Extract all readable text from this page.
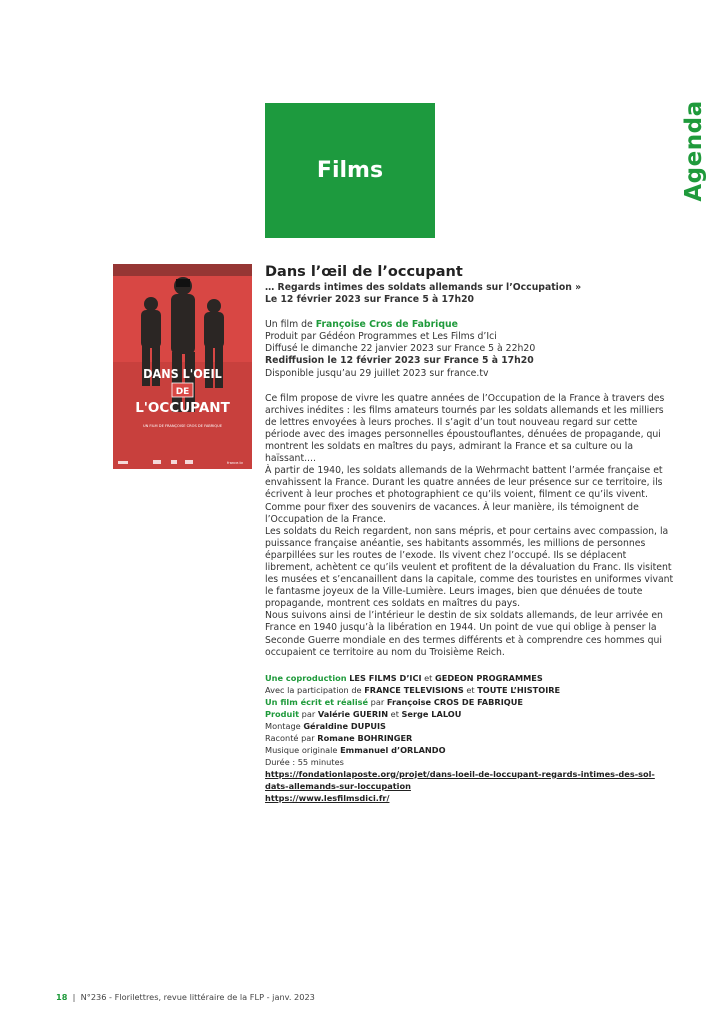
Agenda
Films
DANS L'OEIL
DE
L'OCCUPANT
UN FILM DE FRANÇOISE CROS DE FABRIQUE
france.tv

Dans l’œil de l’occupant

… Regards intimes des soldats allemands sur l’Occupation »

Le 12 février 2023 sur France 5 à 17h20

Un film de Françoise Cros de Fabrique

Produit par Gédéon Programmes et Les Films d’Ici

Diffusé le dimanche 22 janvier 2023 sur France 5 à 22h20

Rediffusion le 12 février 2023 sur France 5 à 17h20

Disponible jusqu’au 29 juillet 2023 sur france.tv

Ce film propose de vivre les quatre années de l’Occupation de la France à travers des archives inédites : les films amateurs tournés par les soldats allemands et les milliers de lettres envoyées à leurs proches. Il s’agit d’un tout nouveau regard sur cette période avec des images personnelles époustouflantes, dénuées de propagande, qui montrent les soldats en maîtres du pays, admirant la France et sa culture ou la haïssant....

À partir de 1940, les soldats allemands de la Wehrmacht battent l’armée française et envahissent la France. Durant les quatre années de leur présence sur ce territoire, ils écrivent à leur proches et photographient ce qu’ils voient, filment ce qu’ils vivent. Comme pour fixer des souvenirs de vacances. À leur manière, ils témoignent de l’Occupation de la France.

Les soldats du Reich regardent, non sans mépris, et pour certains avec compassion, la puissance française anéantie, ses habitants assommés, les millions de personnes éparpillées sur les routes de l’exode. Ils vivent chez l’occupé. Ils se déplacent librement, achètent ce qu’ils veulent et profitent de la dévaluation du Franc. Ils visitent les musées et s’encanaillent dans la capitale, comme des touristes en uniformes vivant le fantasme joyeux de la Ville-Lumière. Leurs images, bien que dénuées de toute propagande, montrent ces soldats en maîtres du pays.

Nous suivons ainsi de l’intérieur le destin de six soldats allemands, de leur arrivée en France en 1940 jusqu’à la libération en 1944. Un point de vue qui oblige à penser la Seconde Guerre mondiale en des termes différents et à comprendre ces hommes qui occupaient ce territoire au nom du Troisième Reich.

Une coproduction LES FILMS D’ICI et GEDEON PROGRAMMES

Avec la participation de FRANCE TELEVISIONS et TOUTE L’HISTOIRE

Un film écrit et réalisé par Françoise CROS DE FABRIQUE

Produit par Valérie GUERIN et Serge LALOU

Montage Géraldine DUPUIS

Raconté par Romane BOHRINGER

Musique originale Emmanuel d’ORLANDO

Durée : 55 minutes

https://fondationlaposte.org/projet/dans-loeil-de-loccupant-regards-intimes-des-sol-

dats-allemands-sur-loccupation

https://www.lesfilmsdici.fr/

18 | N°236 - Florilettres, revue littéraire de la FLP - janv. 2023
